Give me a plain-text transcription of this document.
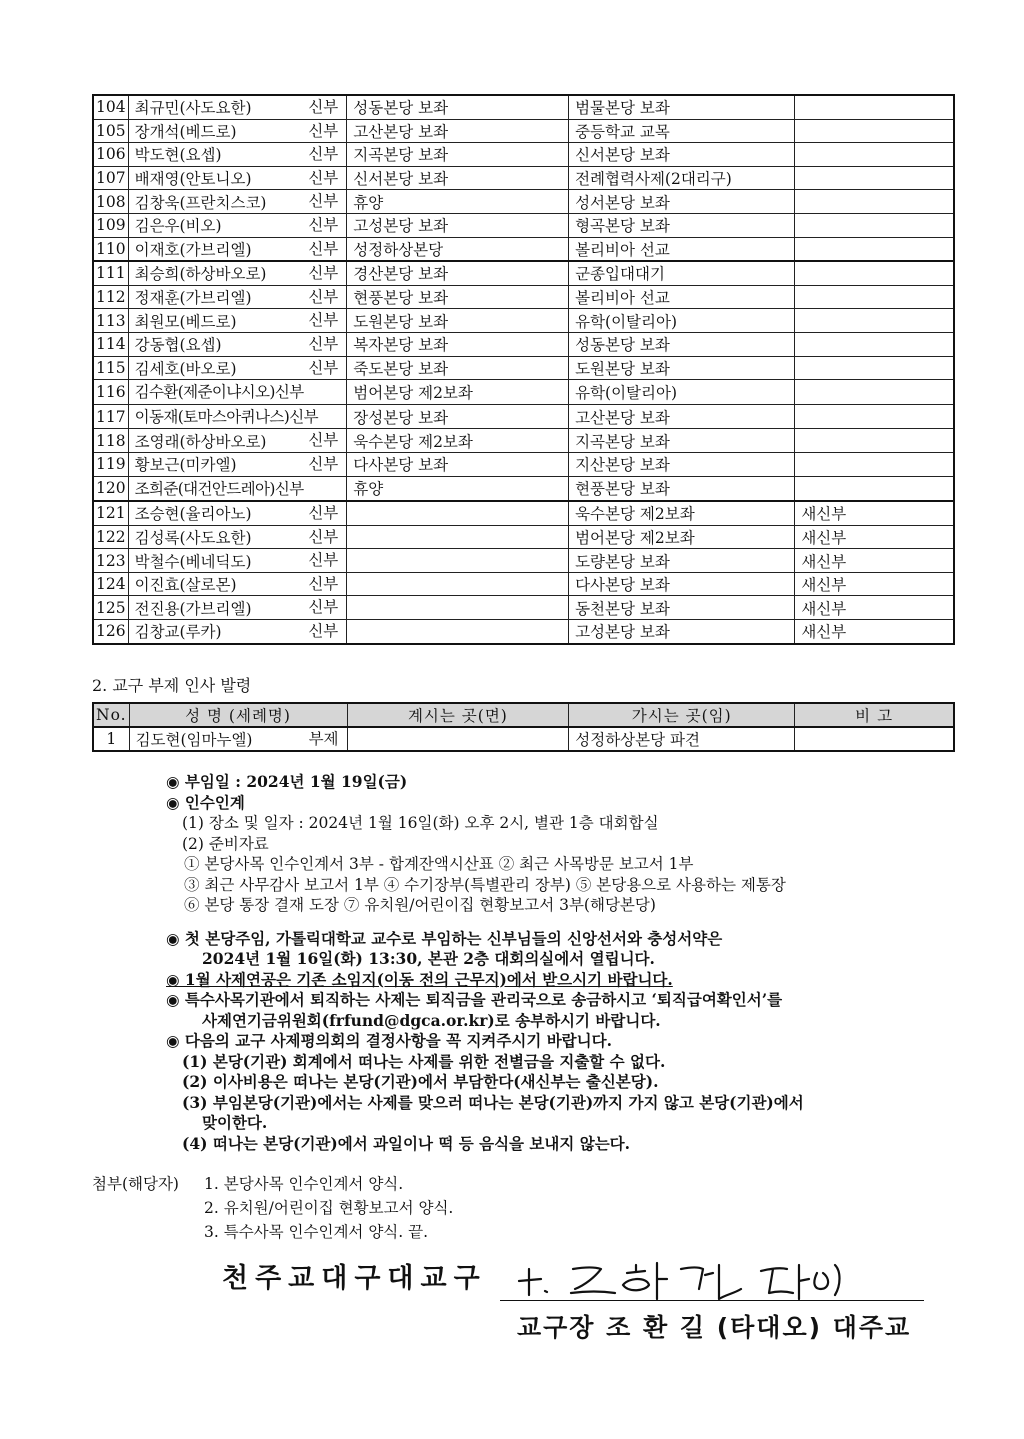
104	최규민(사도요한) 신부	성동본당 보좌	범물본당 보좌	
105	장개석(베드로) 신부	고산본당 보좌	중등학교 교목	
106	박도현(요셉) 신부	지곡본당 보좌	신서본당 보좌	
107	배재영(안토니오) 신부	신서본당 보좌	전례협력사제(2대리구)	
108	김창욱(프란치스코) 신부	휴양	성서본당 보좌	
109	김은우(비오) 신부	고성본당 보좌	형곡본당 보좌	
110	이재호(가브리엘) 신부	성정하상본당	볼리비아 선교	
111	최승희(하상바오로) 신부	경산본당 보좌	군종입대대기	
112	정재훈(가브리엘) 신부	현풍본당 보좌	볼리비아 선교	
113	최원모(베드로) 신부	도원본당 보좌	유학(이탈리아)	
114	강동협(요셉) 신부	복자본당 보좌	성동본당 보좌	
115	김세호(바오로) 신부	죽도본당 보좌	도원본당 보좌	
116	김수환(제준이냐시오)신부	범어본당 제2보좌	유학(이탈리아)	
117	이동재(토마스아퀴나스)신부	장성본당 보좌	고산본당 보좌	
118	조영래(하상바오로) 신부	욱수본당 제2보좌	지곡본당 보좌	
119	황보근(미카엘) 신부	다사본당 보좌	지산본당 보좌	
120	조희준(대건안드레아)신부	휴양	현풍본당 보좌	
121	조승현(율리아노) 신부		욱수본당 제2보좌	새신부
122	김성록(사도요한) 신부		범어본당 제2보좌	새신부
123	박철수(베네딕도) 신부		도량본당 보좌	새신부
124	이진효(살로몬) 신부		다사본당 보좌	새신부
125	전진용(가브리엘) 신부		동천본당 보좌	새신부
126	김창교(루카) 신부		고성본당 보좌	새신부
2. 교구 부제 인사 발령
No.	성 명 (세례명)	계시는 곳(면)	가시는 곳(임)	비 고
1	김도현(임마누엘) 부제		성정하상본당 파견	
◉ 부임일 : 2024년 1월 19일(금)
◉ 인수인계
(1) 장소 및 일자 : 2024년 1월 16일(화) 오후 2시, 별관 1층 대회합실
(2) 준비자료
① 본당사목 인수인계서 3부 - 합계잔액시산표 ② 최근 사목방문 보고서 1부
③ 최근 사무감사 보고서 1부 ④ 수기장부(특별관리 장부) ⑤ 본당용으로 사용하는 제통장
⑥ 본당 통장 결재 도장 ⑦ 유치원/어린이집 현황보고서 3부(해당본당)
◉ 첫 본당주임, 가톨릭대학교 교수로 부임하는 신부님들의 신앙선서와 충성서약은
2024년 1월 16일(화) 13:30, 본관 2층 대회의실에서 열립니다.
◉ 1월 사제연공은 기존 소임지(이동 전의 근무지)에서 받으시기 바랍니다.
◉ 특수사목기관에서 퇴직하는 사제는 퇴직금을 관리국으로 송금하시고 ‘퇴직급여확인서’를
사제연기금위원회(frfund@dgca.or.kr)로 송부하시기 바랍니다.
◉ 다음의 교구 사제평의회의 결정사항을 꼭 지켜주시기 바랍니다.
(1) 본당(기관) 회계에서 떠나는 사제를 위한 전별금을 지출할 수 없다.
(2) 이사비용은 떠나는 본당(기관)에서 부담한다(새신부는 출신본당).
(3) 부임본당(기관)에서는 사제를 맞으러 떠나는 본당(기관)까지 가지 않고 본당(기관)에서
맞이한다.
(4) 떠나는 본당(기관)에서 과일이나 떡 등 음식을 보내지 않는다.
첨부(해당자) 1. 본당사목 인수인계서 양식.
2. 유치원/어린이집 현황보고서 양식.
3. 특수사목 인수인계서 양식. 끝.
천주교대구대교구
교구장 조 환 길 (타대오) 대주교
